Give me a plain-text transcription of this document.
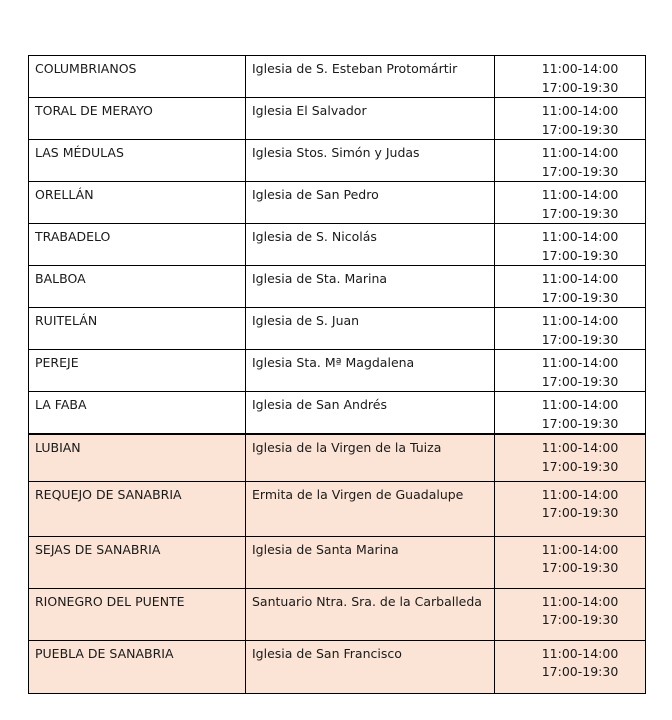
COLUMBRIANOS	Iglesia de S. Esteban Protomártir	11:00-14:00
17:00-19:30

TORAL DE MERAYO	Iglesia El Salvador	11:00-14:00
17:00-19:30

LAS MÉDULAS	Iglesia Stos. Simón y Judas	11:00-14:00
17:00-19:30

ORELLÁN	Iglesia de San Pedro	11:00-14:00
17:00-19:30

TRABADELO	Iglesia de S. Nicolás	11:00-14:00
17:00-19:30

BALBOA	Iglesia de Sta. Marina	11:00-14:00
17:00-19:30

RUITELÁN	Iglesia de S. Juan	11:00-14:00
17:00-19:30

PEREJE	Iglesia Sta. Mª Magdalena	11:00-14:00
17:00-19:30

LA FABA	Iglesia de San Andrés	11:00-14:00
17:00-19:30

LUBIAN	Iglesia de la Virgen de la Tuiza	11:00-14:00
17:00-19:30

REQUEJO DE SANABRIA	Ermita de la Virgen de Guadalupe	11:00-14:00
17:00-19:30

SEJAS DE SANABRIA	Iglesia de Santa Marina	11:00-14:00
17:00-19:30

RIONEGRO DEL PUENTE	Santuario Ntra. Sra. de la Carballeda	11:00-14:00
17:00-19:30

PUEBLA DE SANABRIA	Iglesia de San Francisco	11:00-14:00
17:00-19:30
